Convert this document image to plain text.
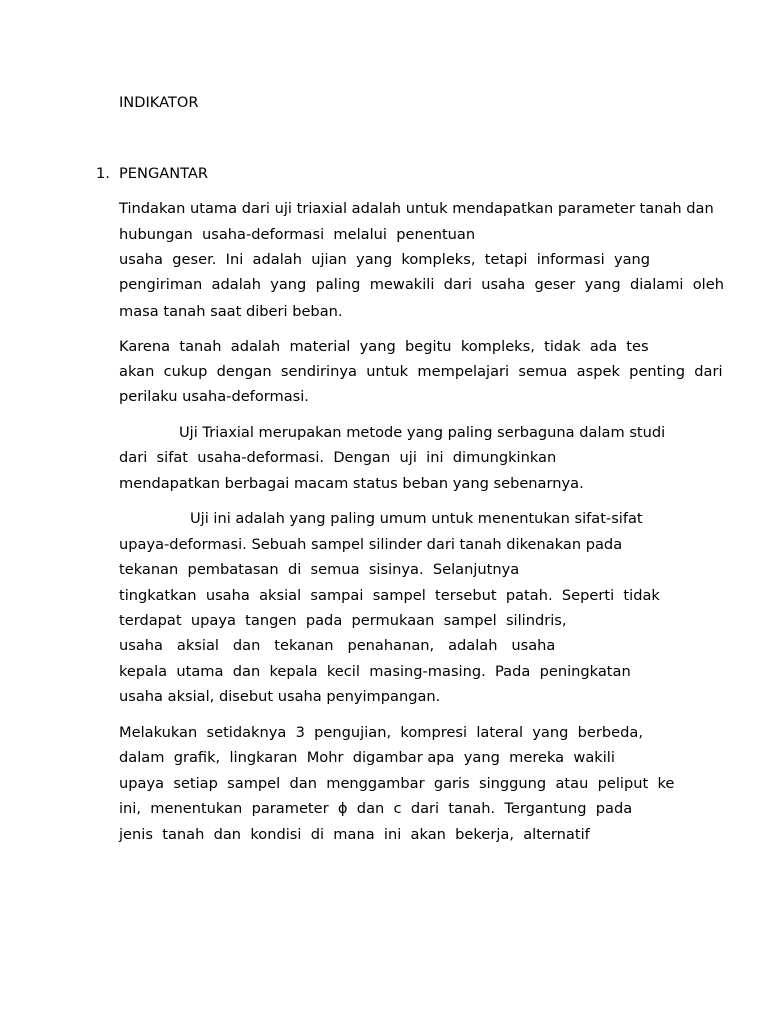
INDIKATOR
1. PENGANTAR
Tindakan utama dari uji triaxial adalah untuk mendapatkan parameter tanah dan
hubungan  usaha-deformasi  melalui  penentuan
usaha  geser.  Ini  adalah  ujian  yang  kompleks,  tetapi  informasi  yang
pengiriman  adalah  yang  paling  mewakili  dari  usaha  geser  yang  dialami  oleh
masa tanah saat diberi beban.
Karena  tanah  adalah  material  yang  begitu  kompleks,  tidak  ada  tes
akan  cukup  dengan  sendirinya  untuk  mempelajari  semua  aspek  penting  dari
perilaku usaha-deformasi.
Uji Triaxial merupakan metode yang paling serbaguna dalam studi
dari  sifat  usaha-deformasi.  Dengan  uji  ini  dimungkinkan
mendapatkan berbagai macam status beban yang sebenarnya.
Uji ini adalah yang paling umum untuk menentukan sifat-sifat
upaya-deformasi. Sebuah sampel silinder dari tanah dikenakan pada
tekanan  pembatasan  di  semua  sisinya.  Selanjutnya
tingkatkan  usaha  aksial  sampai  sampel  tersebut  patah.  Seperti  tidak
terdapat  upaya  tangen  pada  permukaan  sampel  silindris,
usaha   aksial   dan   tekanan   penahanan,   adalah   usaha
kepala  utama  dan  kepala  kecil  masing-masing.  Pada  peningkatan
usaha aksial, disebut usaha penyimpangan.
Melakukan  setidaknya  3  pengujian,  kompresi  lateral  yang  berbeda,
dalam  grafik,  lingkaran  Mohr  digambar apa  yang  mereka  wakili
upaya  setiap  sampel  dan  menggambar  garis  singgung  atau  peliput  ke
ini,  menentukan  parameter  ϕ  dan  c  dari  tanah.  Tergantung  pada
jenis  tanah  dan  kondisi  di  mana  ini  akan  bekerja,  alternatif
